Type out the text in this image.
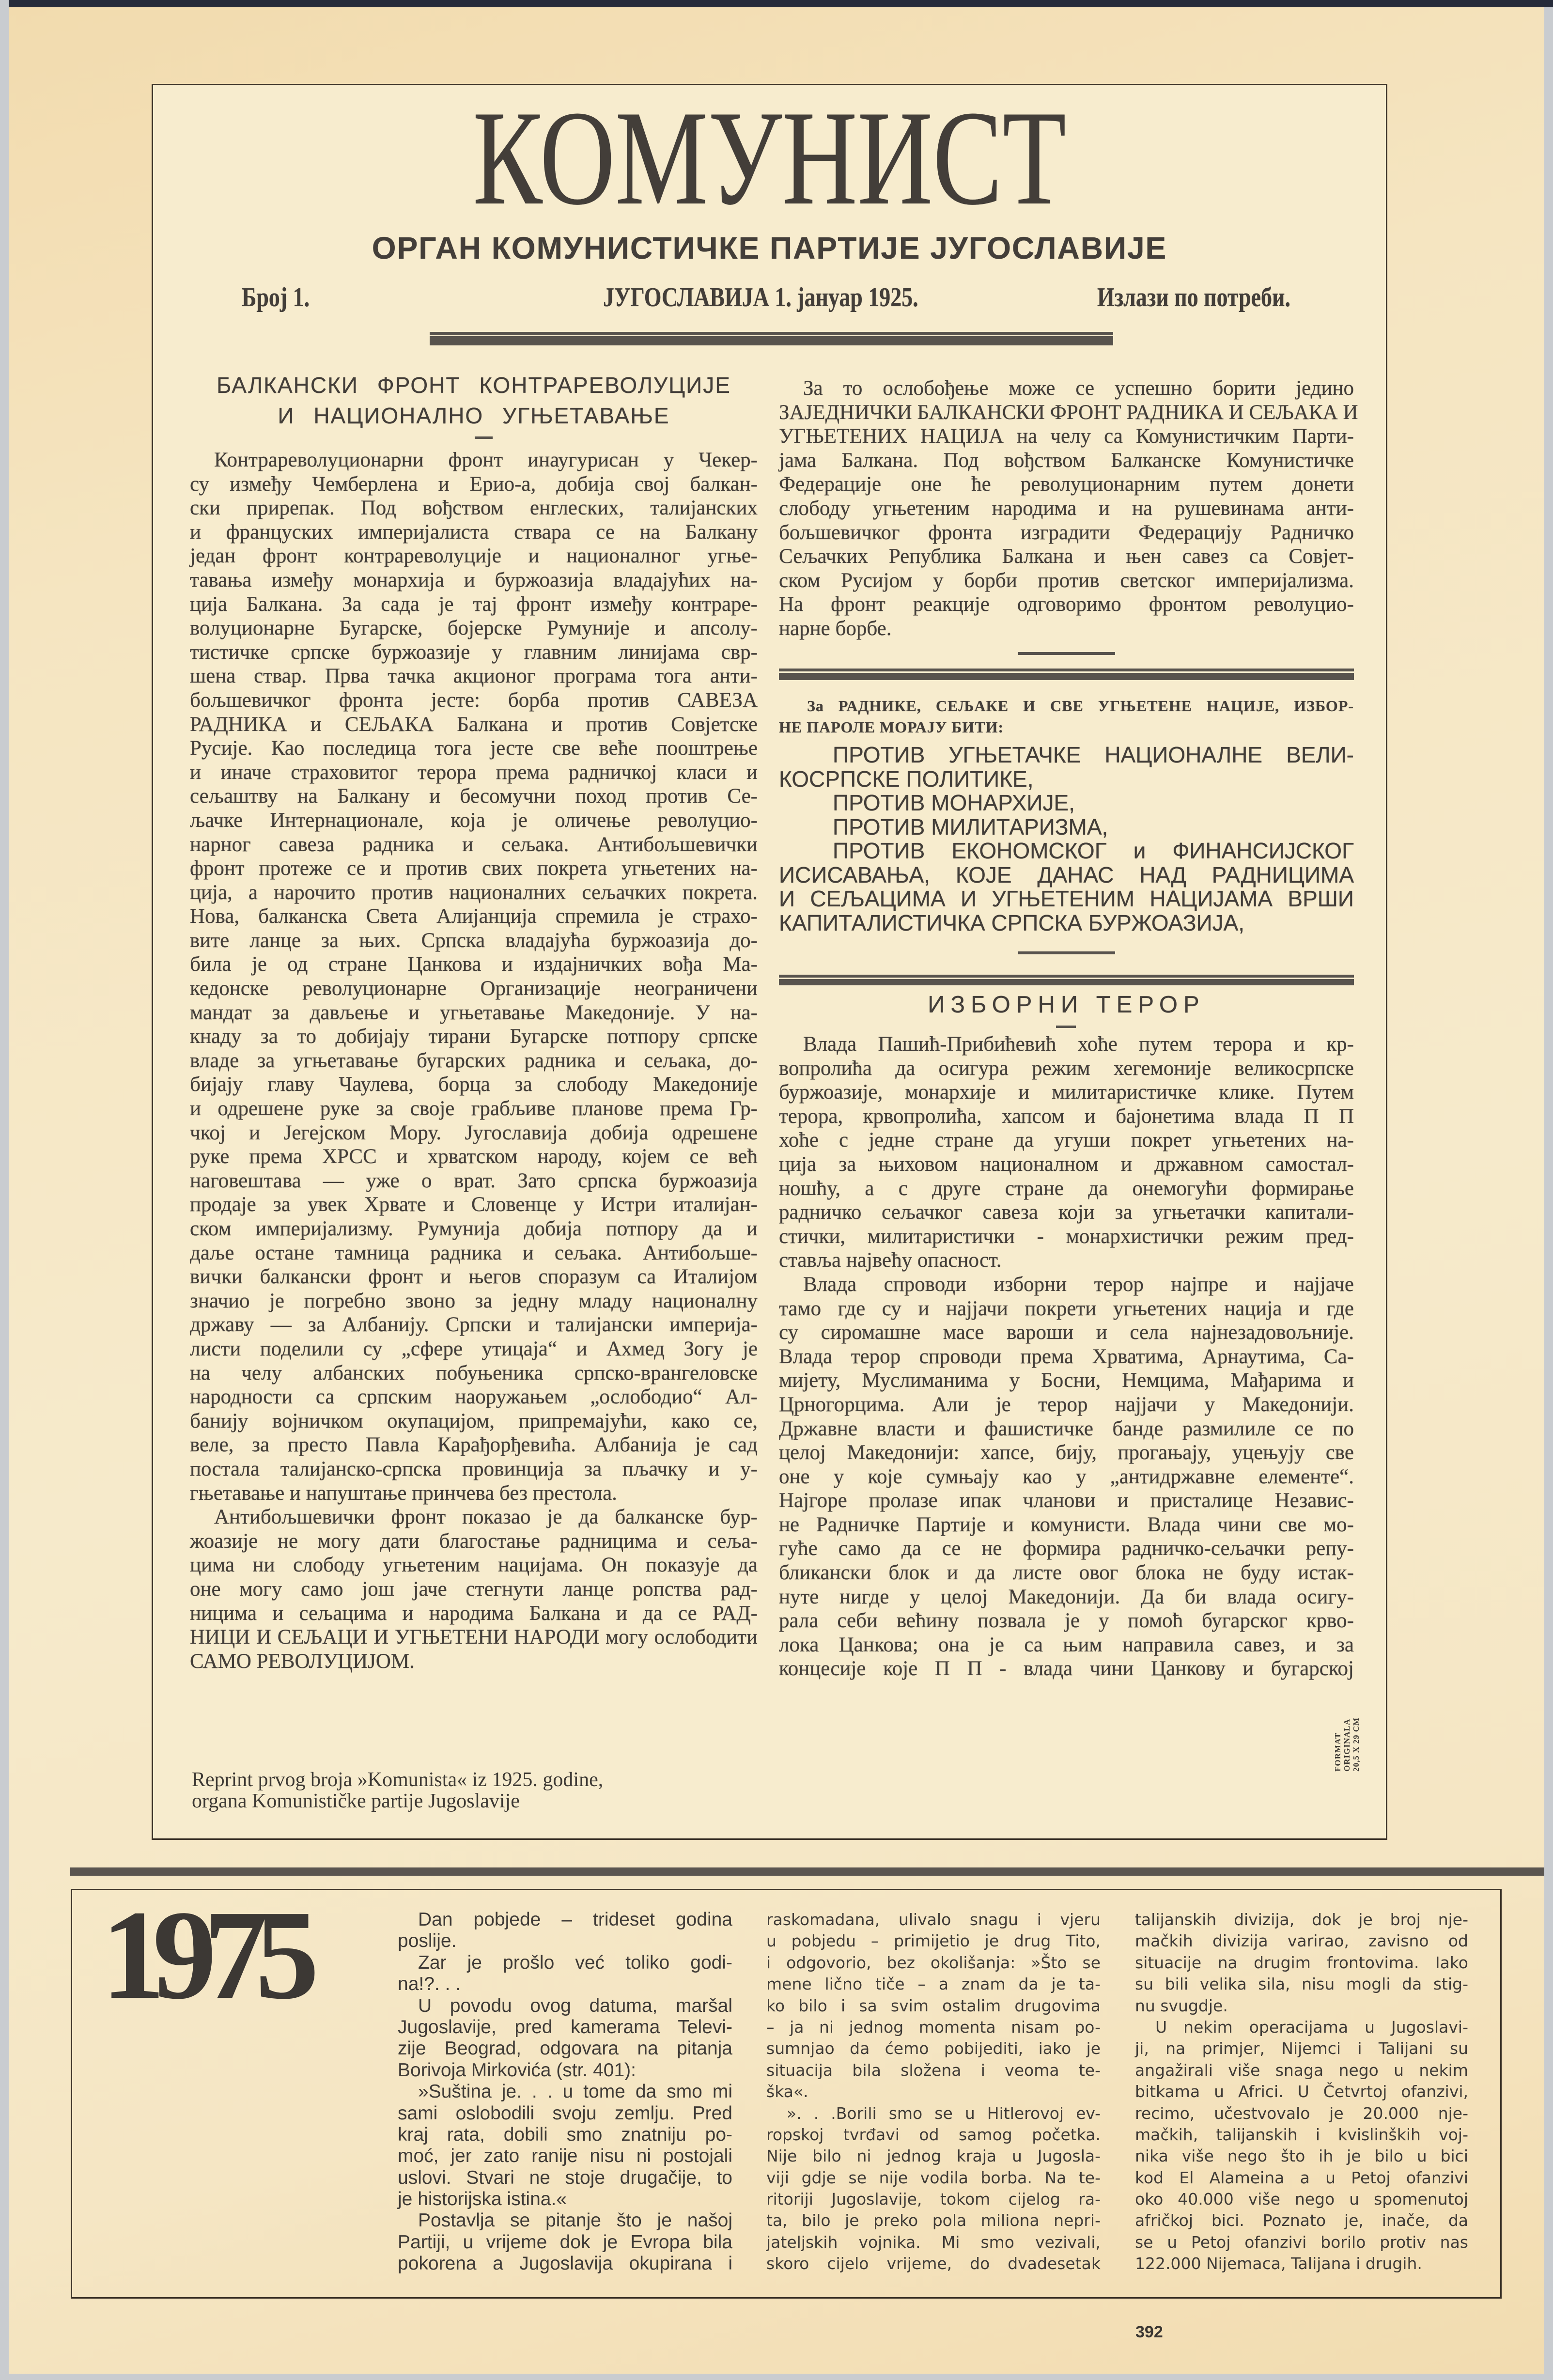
КОМУНИСТ
ОРГАН КОМУНИСТИЧКЕ ПАРТИЈЕ ЈУГОСЛАВИЈЕ
Број 1.	ЈУГОСЛАВИЈА 1. јануар 1925.	Излази по потреби.
БАЛКАНСКИ ФРОНТ КОНТРАРЕВОЛУЦИЈЕ
И НАЦИОНАЛНО УГЊЕТАВАЊЕ
Контрареволуционарни фронт инаугурисан у Чекер-
су између Чемберлена и Ерио-а, добија свој балкан-
ски прирепак. Под вођством енглеских, талијанских
и француских империјалиста ствара се на Балкану
један фронт контрареволуције и националног угње-
тавања између монархија и буржоазија владајућих на-
ција Балкана. За сада је тај фронт између контраре-
волуционарне Бугарске, бојерске Румуније и апсолу-
тистичке српске буржоазије у главним линијама свр-
шена ствар. Прва тачка акционог програма тога анти-
бољшевичког фронта јесте: борба против САВЕЗА
РАДНИКА и СЕЉАКА Балкана и против Совјетске
Русије. Као последица тога јесте све веће пооштрење
и иначе страховитог терора према радничкој класи и
сељаштву на Балкану и бесомучни поход против Се-
љачке Интернационале, која је оличење револуцио-
нарног савеза радника и сељака. Антибољшевички
фронт протеже се и против свих покрета угњетених на-
ција, а нарочито против националних сељачких покрета.
Нова, балканска Света Алијанција спремила је страхо-
вите ланце за њих. Српска владајућа буржоазија до-
била је од стране Цанкова и издајничких вођа Ма-
кедонске револуционарне Организације неограничени
мандат за дављење и угњетавање Македоније. У на-
кнаду за то добијају тирани Бугарске потпору српске
владе за угњетавање бугарских радника и сељака, до-
бијају главу Чаулева, борца за слободу Македоније
и одрешене руке за своје грабљиве планове према Гр-
чкој и Јегејском Мору. Југославија добија одрешене
руке према ХРСС и хрватском народу, којем се већ
наговештава — уже о врат. Зато српска буржоазија
продаје за увек Хрвате и Словенце у Истри италијан-
ском империјализму. Румунија добија потпору да и
даље остане тамница радника и сељака. Антибољше-
вички балкански фронт и његов споразум са Италијом
значио је погребно звоно за једну младу националну
државу — за Албанију. Српски и талијански империја-
листи поделили су „сфере утицаја“ и Ахмед Зогу је
на челу албанских побуњеника српско-врангеловске
народности са српским наоружањем „ослободио“ Ал-
банију војничком окупацијом, припремајући, како се,
веле, за престо Павла Карађорђевића. Албанија је сад
постала талијанско-српска провинција за пљачку и у-
гњетавање и напуштање принчева без престола.
Антибољшевички фронт показао је да балканске бур-
жоазије не могу дати благостање радницима и сеља-
цима ни слободу угњетеним нацијама. Он показује да
оне могу само још јаче стегнути ланце ропства рад-
ницима и сељацима и народима Балкана и да се РАД-
НИЦИ И СЕЉАЦИ И УГЊЕТЕНИ НАРОДИ могу ослободити
САМО РЕВОЛУЦИЈОМ.
За то ослобођење може се успешно борити једино
ЗАЈЕДНИЧКИ БАЛКАНСКИ ФРОНТ РАДНИКА И СЕЉАКА И
УГЊЕТЕНИХ НАЦИЈА на челу са Комунистичким Парти-
јама Балкана. Под вођством Балканске Комунистичке
Федерације оне ће револуционарним путем донети
слободу угњетеним народима и на рушевинама анти-
бољшевичког фронта изградити Федерацију Радничко
Сељачких Република Балкана и њен савез са Совјет-
ском Русијом у борби против светског империјализма.
На фронт реакције одговоримо фронтом револуцио-
нарне борбе.
За РАДНИКЕ, СЕЉАКЕ И СВЕ УГЊЕТЕНЕ НАЦИЈЕ, ИЗБОР-
НЕ ПАРОЛЕ МОРАЈУ БИТИ:
ПРОТИВ УГЊЕТАЧКЕ НАЦИОНАЛНЕ ВЕЛИ-
КОСРПСКЕ ПОЛИТИКЕ,
ПРОТИВ МОНАРХИЈЕ,
ПРОТИВ МИЛИТАРИЗМА,
ПРОТИВ ЕКОНОМСКОГ и ФИНАНСИЈСКОГ
ИСИСАВАЊА, КОЈЕ ДАНАС НАД РАДНИЦИМА
И СЕЉАЦИМА И УГЊЕТЕНИМ НАЦИЈАМА ВРШИ
КАПИТАЛИСТИЧКА СРПСКА БУРЖОАЗИЈА,
ИЗБОРНИ ТЕРОР
Влада Пашић-Прибићевић хоће путем терора и кр-
вопролића да осигура режим хегемоније великосрпске
буржоазије, монархије и милитаристичке клике. Путем
терора, крвопролића, хапсом и бајонетима влада П П
хоће с једне стране да угуши покрет угњетених на-
ција за њиховом националном и државном самостал-
ношћу, а с друге стране да онемогући формирање
радничко сељачког савеза који за угњетачки капитали-
стички, милитаристички - монархистички режим пред-
ставља највећу опасност.
Влада спроводи изборни терор најпре и најјаче
тамо где су и најјачи покрети угњетених нација и где
су сиромашне масе вароши и села најнезадовољније.
Влада терор спроводи према Хрватима, Арнаутима, Са-
мијету, Муслиманима у Босни, Немцима, Мађарима и
Црногорцима. Али је терор најјачи у Македонији.
Државне власти и фашистичке банде размилиле се по
целој Македонији: хапсе, бију, прогањају, уцењују све
оне у које сумњају као у „антидржавне елементе“.
Најгоре пролазе ипак чланови и присталице Независ-
не Радничке Партије и комунисти. Влада чини све мо-
гуће само да се не формира радничко-сељачки репу-
бликански блок и да листе овог блока не буду истак-
нуте нигде у целој Македонији. Да би влада осигу-
рала себи већину позвала је у помоћ бугарског крво-
лока Цанкова; она је са њим направила савез, и за
концесије које П П - влада чини Цанкову и бугарској
Reprint prvog broja »Komunista« iz 1925. godine,
organa Komunističke partije Jugoslavije
FORMAT ORIGINALA 20,5 X 29 CM
1975	Dan pobjede – trideset godina
poslije.
Zar je prošlo već toliko godi-
na!?. . .
U povodu ovog datuma, maršal
Jugoslavije, pred kamerama Televi-
zije Beograd, odgovara na pitanja
Borivoja Mirkovića (str. 401):
»Suština je. . . u tome da smo mi
sami oslobodili svoju zemlju. Pred
kraj rata, dobili smo znatniju po-
moć, jer zato ranije nisu ni postojali
uslovi. Stvari ne stoje drugačije, to
je historijska istina.«
Postavlja se pitanje što je našoj
Partiji, u vrijeme dok je Evropa bila
pokorena a Jugoslavija okupirana i
raskomadana, ulivalo snagu i vjeru
u pobjedu – primijetio je drug Tito,
i odgovorio, bez okolišanja: »Što se
mene lično tiče – a znam da je ta-
ko bilo i sa svim ostalim drugovima
– ja ni jednog momenta nisam po-
sumnjao da ćemo pobijediti, iako je
situacija bila složena i veoma te-
ška«.
». . .Borili smo se u Hitlerovoj ev-
ropskoj tvrđavi od samog početka.
Nije bilo ni jednog kraja u Jugosla-
viji gdje se nije vodila borba. Na te-
ritoriji Jugoslavije, tokom cijelog ra-
ta, bilo je preko pola miliona nepri-
jateljskih vojnika. Mi smo vezivali,
skoro cijelo vrijeme, do dvadesetak
talijanskih divizija, dok je broj nje-
mačkih divizija varirao, zavisno od
situacije na drugim frontovima. Iako
su bili velika sila, nisu mogli da stig-
nu svugdje.
U nekim operacijama u Jugoslavi-
ji, na primjer, Nijemci i Talijani su
angažirali više snaga nego u nekim
bitkama u Africi. U Četvrtoj ofanzivi,
recimo, učestvovalo je 20.000 nje-
mačkih, talijanskih i kvislinških voj-
nika više nego što ih je bilo u bici
kod El Alameina a u Petoj ofanzivi
oko 40.000 više nego u spomenutoj
afričkoj bici. Poznato je, inače, da
se u Petoj ofanzivi borilo protiv nas
122.000 Nijemaca, Talijana i drugih.
392
